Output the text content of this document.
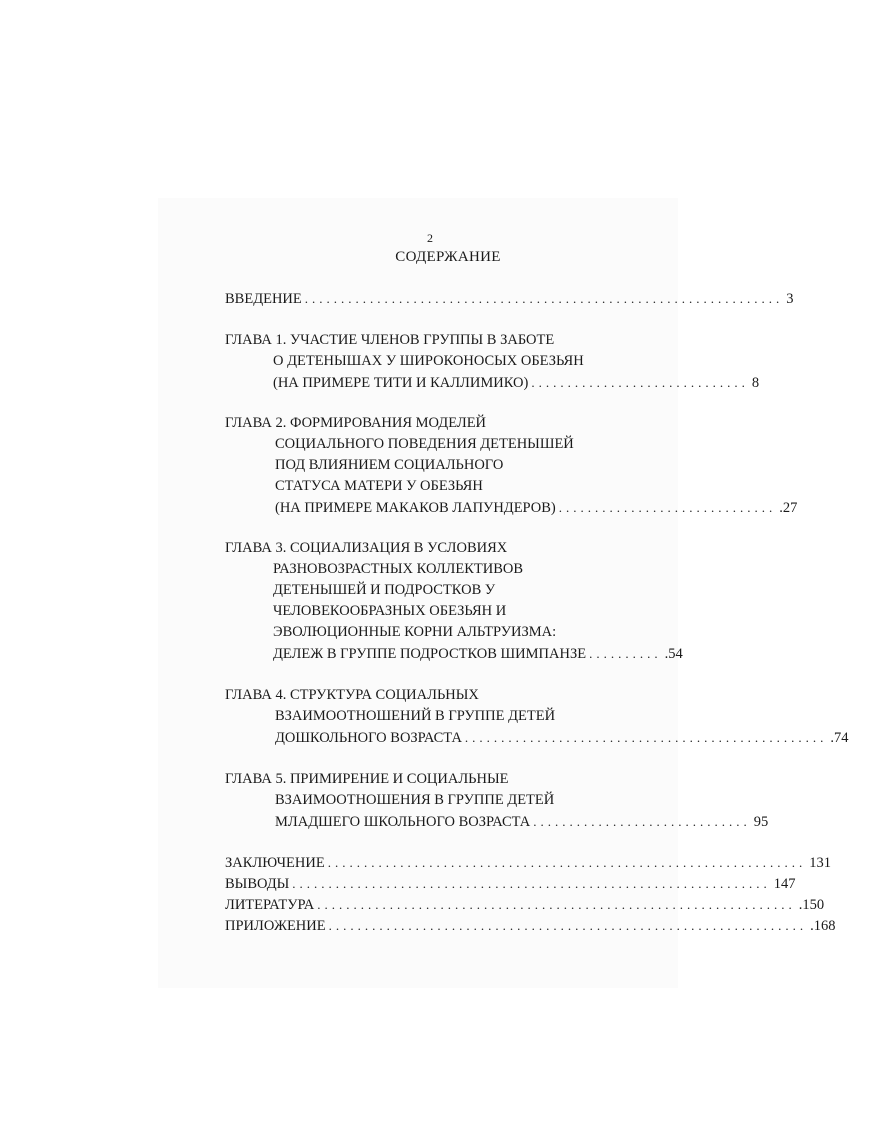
2
СОДЕРЖАНИЕ
ВВЕДЕНИЕ .................................................................. 3
ГЛАВА 1. УЧАСТИЕ ЧЛЕНОВ ГРУППЫ В ЗАБОТЕ
О ДЕТЕНЫШАХ У ШИРОКОНОСЫХ ОБЕЗЬЯН
(НА ПРИМЕРЕ ТИТИ И КАЛЛИМИКО) .............................. 8
ГЛАВА 2. ФОРМИРОВАНИЯ МОДЕЛЕЙ
СОЦИАЛЬНОГО ПОВЕДЕНИЯ ДЕТЕНЫШЕЙ
ПОД ВЛИЯНИЕМ СОЦИАЛЬНОГО
СТАТУСА МАТЕРИ У ОБЕЗЬЯН
(НА ПРИМЕРЕ МАКАКОВ ЛАПУНДЕРОВ) .............................. .27
ГЛАВА 3. СОЦИАЛИЗАЦИЯ В УСЛОВИЯХ
РАЗНОВОЗРАСТНЫХ КОЛЛЕКТИВОВ
ДЕТЕНЫШЕЙ И ПОДРОСТКОВ У
ЧЕЛОВЕКООБРАЗНЫХ ОБЕЗЬЯН И
ЭВОЛЮЦИОННЫЕ КОРНИ АЛЬТРУИЗМА:
ДЕЛЕЖ В ГРУППЕ ПОДРОСТКОВ ШИМПАНЗЕ .......... .54
ГЛАВА 4. СТРУКТУРА СОЦИАЛЬНЫХ
ВЗАИМООТНОШЕНИЙ В ГРУППЕ ДЕТЕЙ
ДОШКОЛЬНОГО ВОЗРАСТА .................................................. .74
ГЛАВА 5. ПРИМИРЕНИЕ И СОЦИАЛЬНЫЕ
ВЗАИМООТНОШЕНИЯ В ГРУППЕ ДЕТЕЙ
МЛАДШЕГО ШКОЛЬНОГО ВОЗРАСТА .............................. 95
ЗАКЛЮЧЕНИЕ .................................................................. 131
ВЫВОДЫ .................................................................. 147
ЛИТЕРАТУРА .................................................................. .150
ПРИЛОЖЕНИЕ .................................................................. .168
